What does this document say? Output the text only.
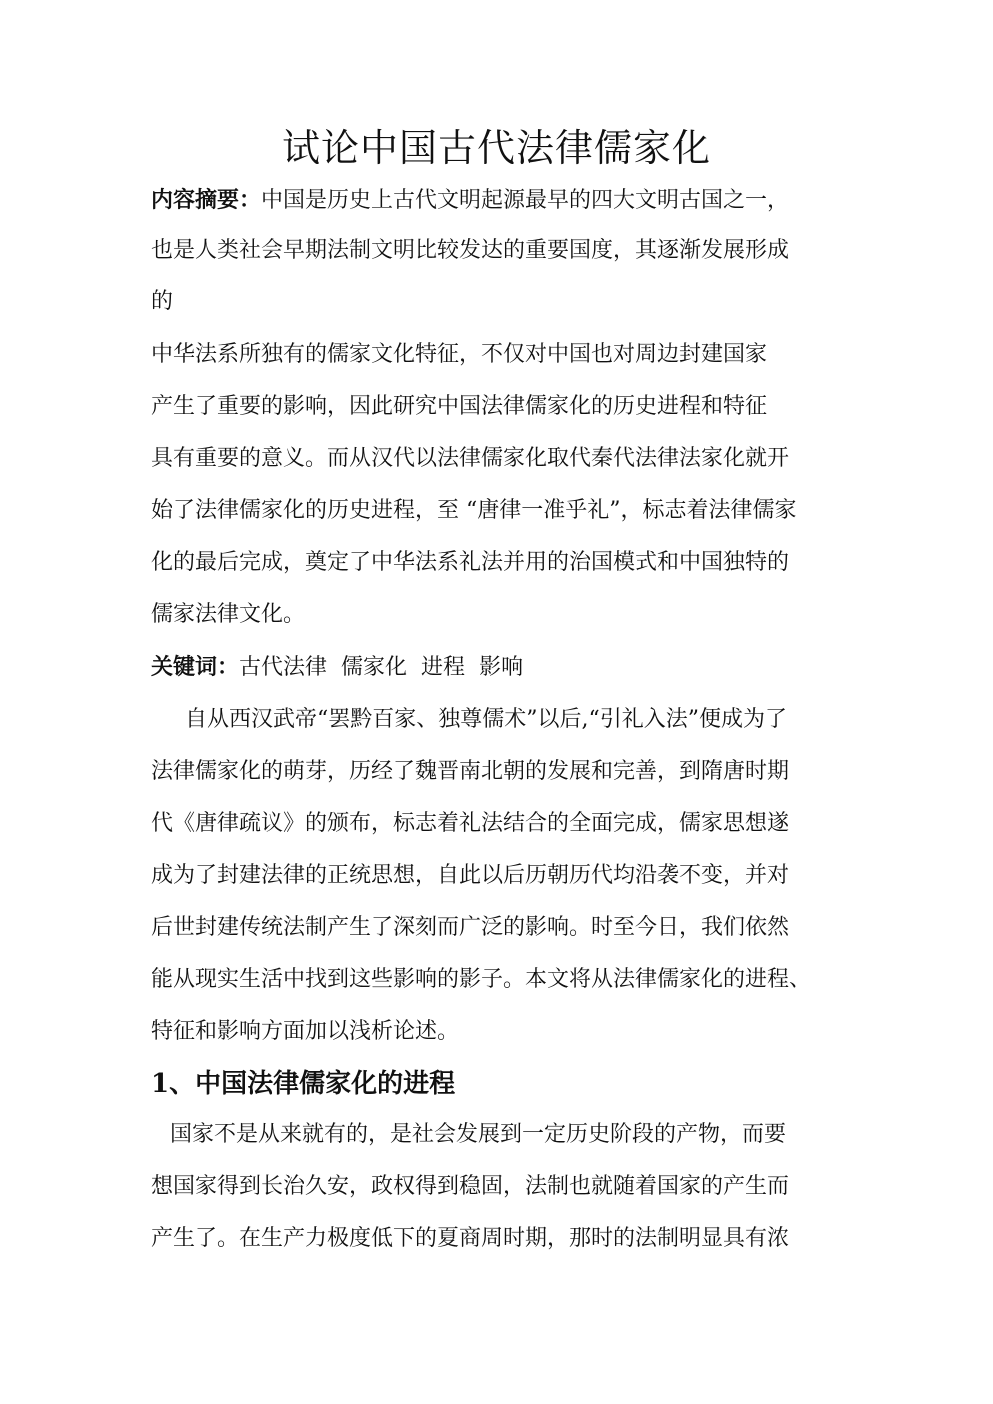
试论中国古代法律儒家化

内容摘要：中国是历史上古代文明起源最早的四大文明古国之一，

也是人类社会早期法制文明比较发达的重要国度，其逐渐发展形成

的

中华法系所独有的儒家文化特征，不仅对中国也对周边封建国家

产生了重要的影响，因此研究中国法律儒家化的历史进程和特征

具有重要的意义。而从汉代以法律儒家化取代秦代法律法家化就开

始了法律儒家化的历史进程，至 “唐律一准乎礼”，标志着法律儒家

化的最后完成，奠定了中华法系礼法并用的治国模式和中国独特的

儒家法律文化。

关键词：古代法律 儒家化 进程 影响

自从西汉武帝“罢黔百家、独尊儒术”以后,“引礼入法”便成为了

法律儒家化的萌芽，历经了魏晋南北朝的发展和完善，到隋唐时期

代《唐律疏议》的颁布，标志着礼法结合的全面完成，儒家思想遂

成为了封建法律的正统思想，自此以后历朝历代均沿袭不变，并对

后世封建传统法制产生了深刻而广泛的影响。时至今日，我们依然

能从现实生活中找到这些影响的影子。本文将从法律儒家化的进程、

特征和影响方面加以浅析论述。

1、中国法律儒家化的进程

国家不是从来就有的，是社会发展到一定历史阶段的产物，而要

想国家得到长治久安，政权得到稳固，法制也就随着国家的产生而

产生了。在生产力极度低下的夏商周时期，那时的法制明显具有浓
